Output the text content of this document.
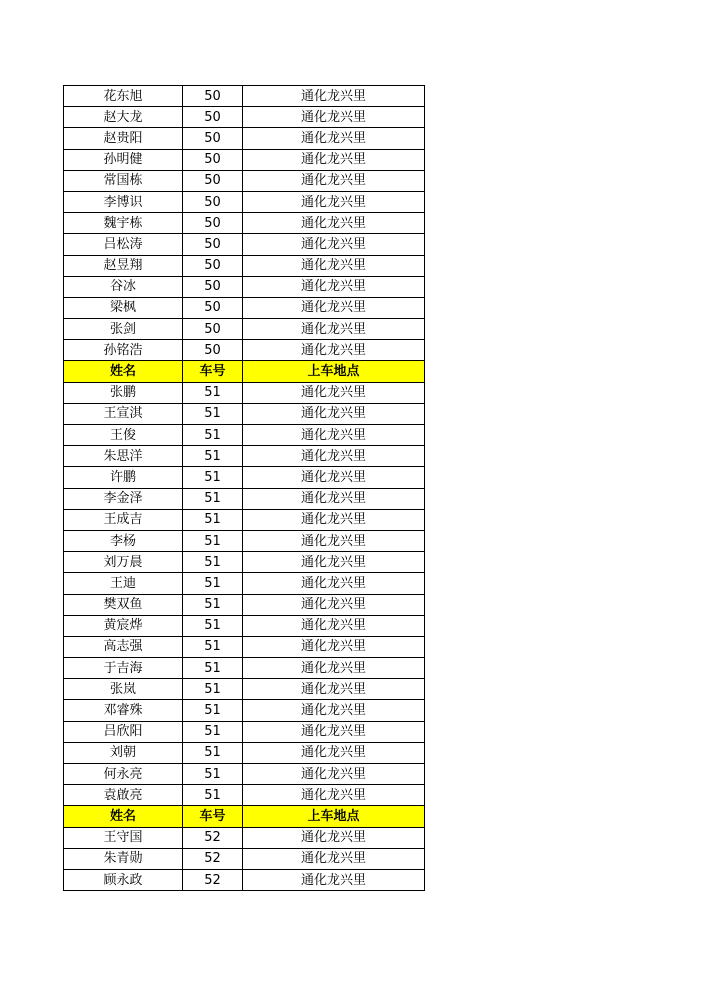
花东旭	50	通化龙兴里
赵大龙	50	通化龙兴里
赵贵阳	50	通化龙兴里
孙明健	50	通化龙兴里
常国栋	50	通化龙兴里
李博识	50	通化龙兴里
魏宇栋	50	通化龙兴里
吕松涛	50	通化龙兴里
赵昱翔	50	通化龙兴里
谷冰	50	通化龙兴里
梁枫	50	通化龙兴里
张剑	50	通化龙兴里
孙铭浩	50	通化龙兴里
姓名	车号	上车地点
张鹏	51	通化龙兴里
王宣淇	51	通化龙兴里
王俊	51	通化龙兴里
朱思洋	51	通化龙兴里
许鹏	51	通化龙兴里
李金泽	51	通化龙兴里
王成吉	51	通化龙兴里
李杨	51	通化龙兴里
刘万晨	51	通化龙兴里
王迪	51	通化龙兴里
樊双鱼	51	通化龙兴里
黄宸烨	51	通化龙兴里
高志强	51	通化龙兴里
于吉海	51	通化龙兴里
张岚	51	通化龙兴里
邓睿殊	51	通化龙兴里
吕欣阳	51	通化龙兴里
刘朝	51	通化龙兴里
何永亮	51	通化龙兴里
袁啟亮	51	通化龙兴里
姓名	车号	上车地点
王守国	52	通化龙兴里
朱青勋	52	通化龙兴里
顾永政	52	通化龙兴里
